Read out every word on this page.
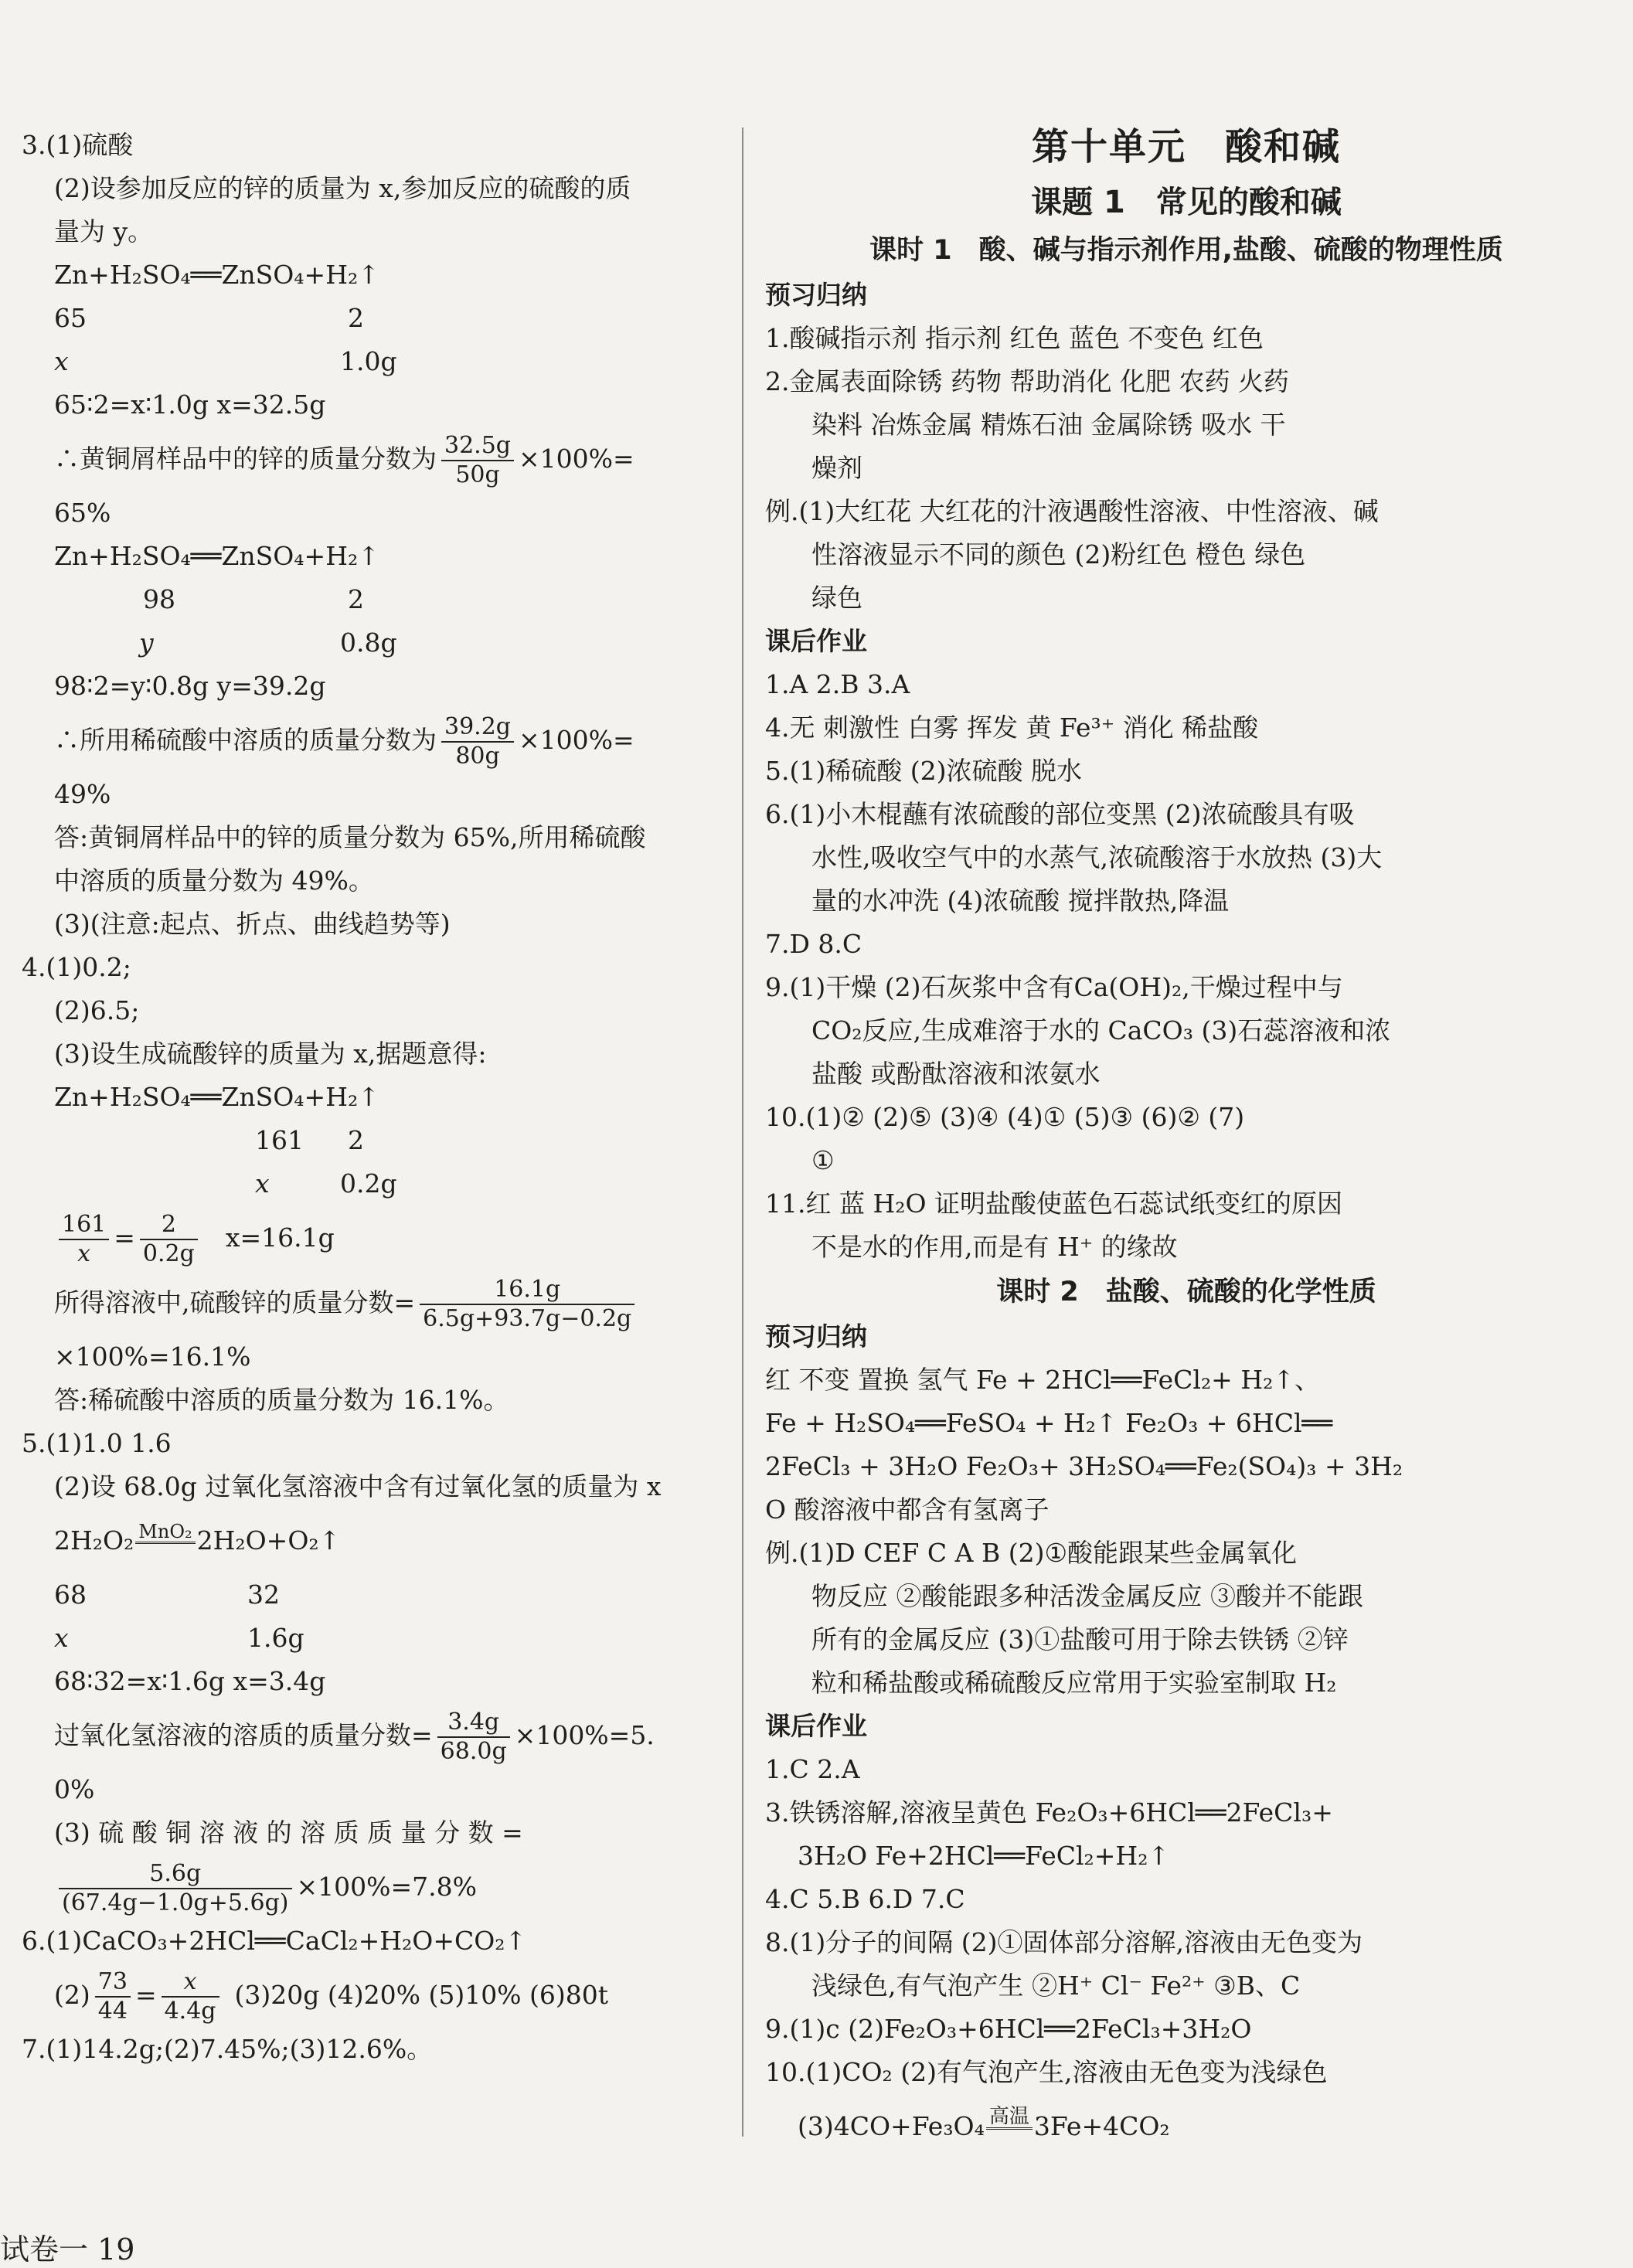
3.(1)硫酸
(2)设参加反应的锌的质量为 x,参加反应的硫酸的质
量为 y。
Zn+H₂SO₄══ZnSO₄+H₂↑
65	2
x	1.0g
65∶2=x∶1.0g x=32.5g
∴黄铜屑样品中的锌的质量分数为 $\frac{32.5g}{50g} \times 100\%=$
65%
Zn+H₂SO₄══ZnSO₄+H₂↑
98	2
y	0.8g
98∶2=y∶0.8g y=39.2g
∴所用稀硫酸中溶质的质量分数为 $\frac{39.2g}{80g} \times 100\%=$
49%
答:黄铜屑样品中的锌的质量分数为 65%,所用稀硫酸
中溶质的质量分数为 49%。
(3)(注意:起点、折点、曲线趋势等)
4.(1)0.2;
(2)6.5;
(3)设生成硫酸锌的质量为 x,据题意得:
Zn+H₂SO₄══ZnSO₄+H₂↑
161 2
x	0.2g
$\frac{161}{x} = \frac{2}{0.2g} x=16.1g$
所得溶液中,硫酸锌的质量分数= $\frac{16.1g}{6.5g+93.7g-0.2g}$
×100%=16.1%
答:稀硫酸中溶质的质量分数为 16.1%。
5.(1)1.0 1.6
(2)设 68.0g 过氧化氢溶液中含有过氧化氢的质量为 x
2H₂O₂ MnO₂
2H₂O+O₂↑
68	32
x	1.6g
68∶32=x∶1.6g x=3.4g
过氧化氢溶液的溶质的质量分数= $\frac{3.4g}{68.0g} \times 100\%=5$.
0%
(3) 硫 酸 铜 溶 液 的 溶 质 质 量 分 数 =
$\frac{5.6g}{(67.4g-1.0g+5.6g)} \times 100\%=7.8\%$
6.(1)CaCO₃+2HCl══CaCl₂+H₂O+CO₂↑
$(2) \frac{73}{44} = \frac{x}{4.4g} (3)20g$ (4)20% (5)10% (6)80t
7.(1)14.2g;(2)7.45%;(3)12.6%。
第十单元　酸和碱
课题 1　常见的酸和碱
课时 1　酸、碱与指示剂作用,盐酸、硫酸的物理性质
预习归纳
1.酸碱指示剂 指示剂 红色 蓝色 不变色 红色
2.金属表面除锈 药物 帮助消化 化肥 农药 火药
染料 冶炼金属 精炼石油 金属除锈 吸水 干
燥剂
例.(1)大红花 大红花的汁液遇酸性溶液、中性溶液、碱
性溶液显示不同的颜色 (2)粉红色 橙色 绿色
绿色
课后作业
1.A 2.B 3.A
4.无 刺激性 白雾 挥发 黄 Fe³⁺ 消化 稀盐酸
5.(1)稀硫酸 (2)浓硫酸 脱水
6.(1)小木棍蘸有浓硫酸的部位变黑 (2)浓硫酸具有吸
水性,吸收空气中的水蒸气,浓硫酸溶于水放热 (3)大
量的水冲洗 (4)浓硫酸 搅拌散热,降温
7.D 8.C
9.(1)干燥 (2)石灰浆中含有Ca(OH)₂,干燥过程中与
CO₂反应,生成难溶于水的 CaCO₃ (3)石蕊溶液和浓
盐酸 或酚酞溶液和浓氨水
10.(1)② (2)⑤ (3)④ (4)① (5)③ (6)② (7)
①
11.红 蓝 H₂O 证明盐酸使蓝色石蕊试纸变红的原因
不是水的作用,而是有 H⁺ 的缘故
课时 2　盐酸、硫酸的化学性质
预习归纳
红 不变 置换 氢气 Fe + 2HCl══FeCl₂+ H₂↑、
Fe + H₂SO₄══FeSO₄ + H₂↑ Fe₂O₃ + 6HCl══
2FeCl₃ + 3H₂O Fe₂O₃+ 3H₂SO₄══Fe₂(SO₄)₃ + 3H₂
O 酸溶液中都含有氢离子
例.(1)D CEF C A B (2)①酸能跟某些金属氧化
物反应 ②酸能跟多种活泼金属反应 ③酸并不能跟
所有的金属反应 (3)①盐酸可用于除去铁锈 ②锌
粒和稀盐酸或稀硫酸反应常用于实验室制取 H₂
课后作业
1.C 2.A
3.铁锈溶解,溶液呈黄色 Fe₂O₃+6HCl══2FeCl₃+
3H₂O Fe+2HCl══FeCl₂+H₂↑
4.C 5.B 6.D 7.C
8.(1)分子的间隔 (2)①固体部分溶解,溶液由无色变为
浅绿色,有气泡产生 ②H⁺ Cl⁻ Fe²⁺ ③B、C
9.(1)c (2)Fe₂O₃+6HCl══2FeCl₃+3H₂O
10.(1)CO₂ (2)有气泡产生,溶液由无色变为浅绿色
(3)4CO+Fe₃O₄ 高温
3Fe+4CO₂
试卷一 19
